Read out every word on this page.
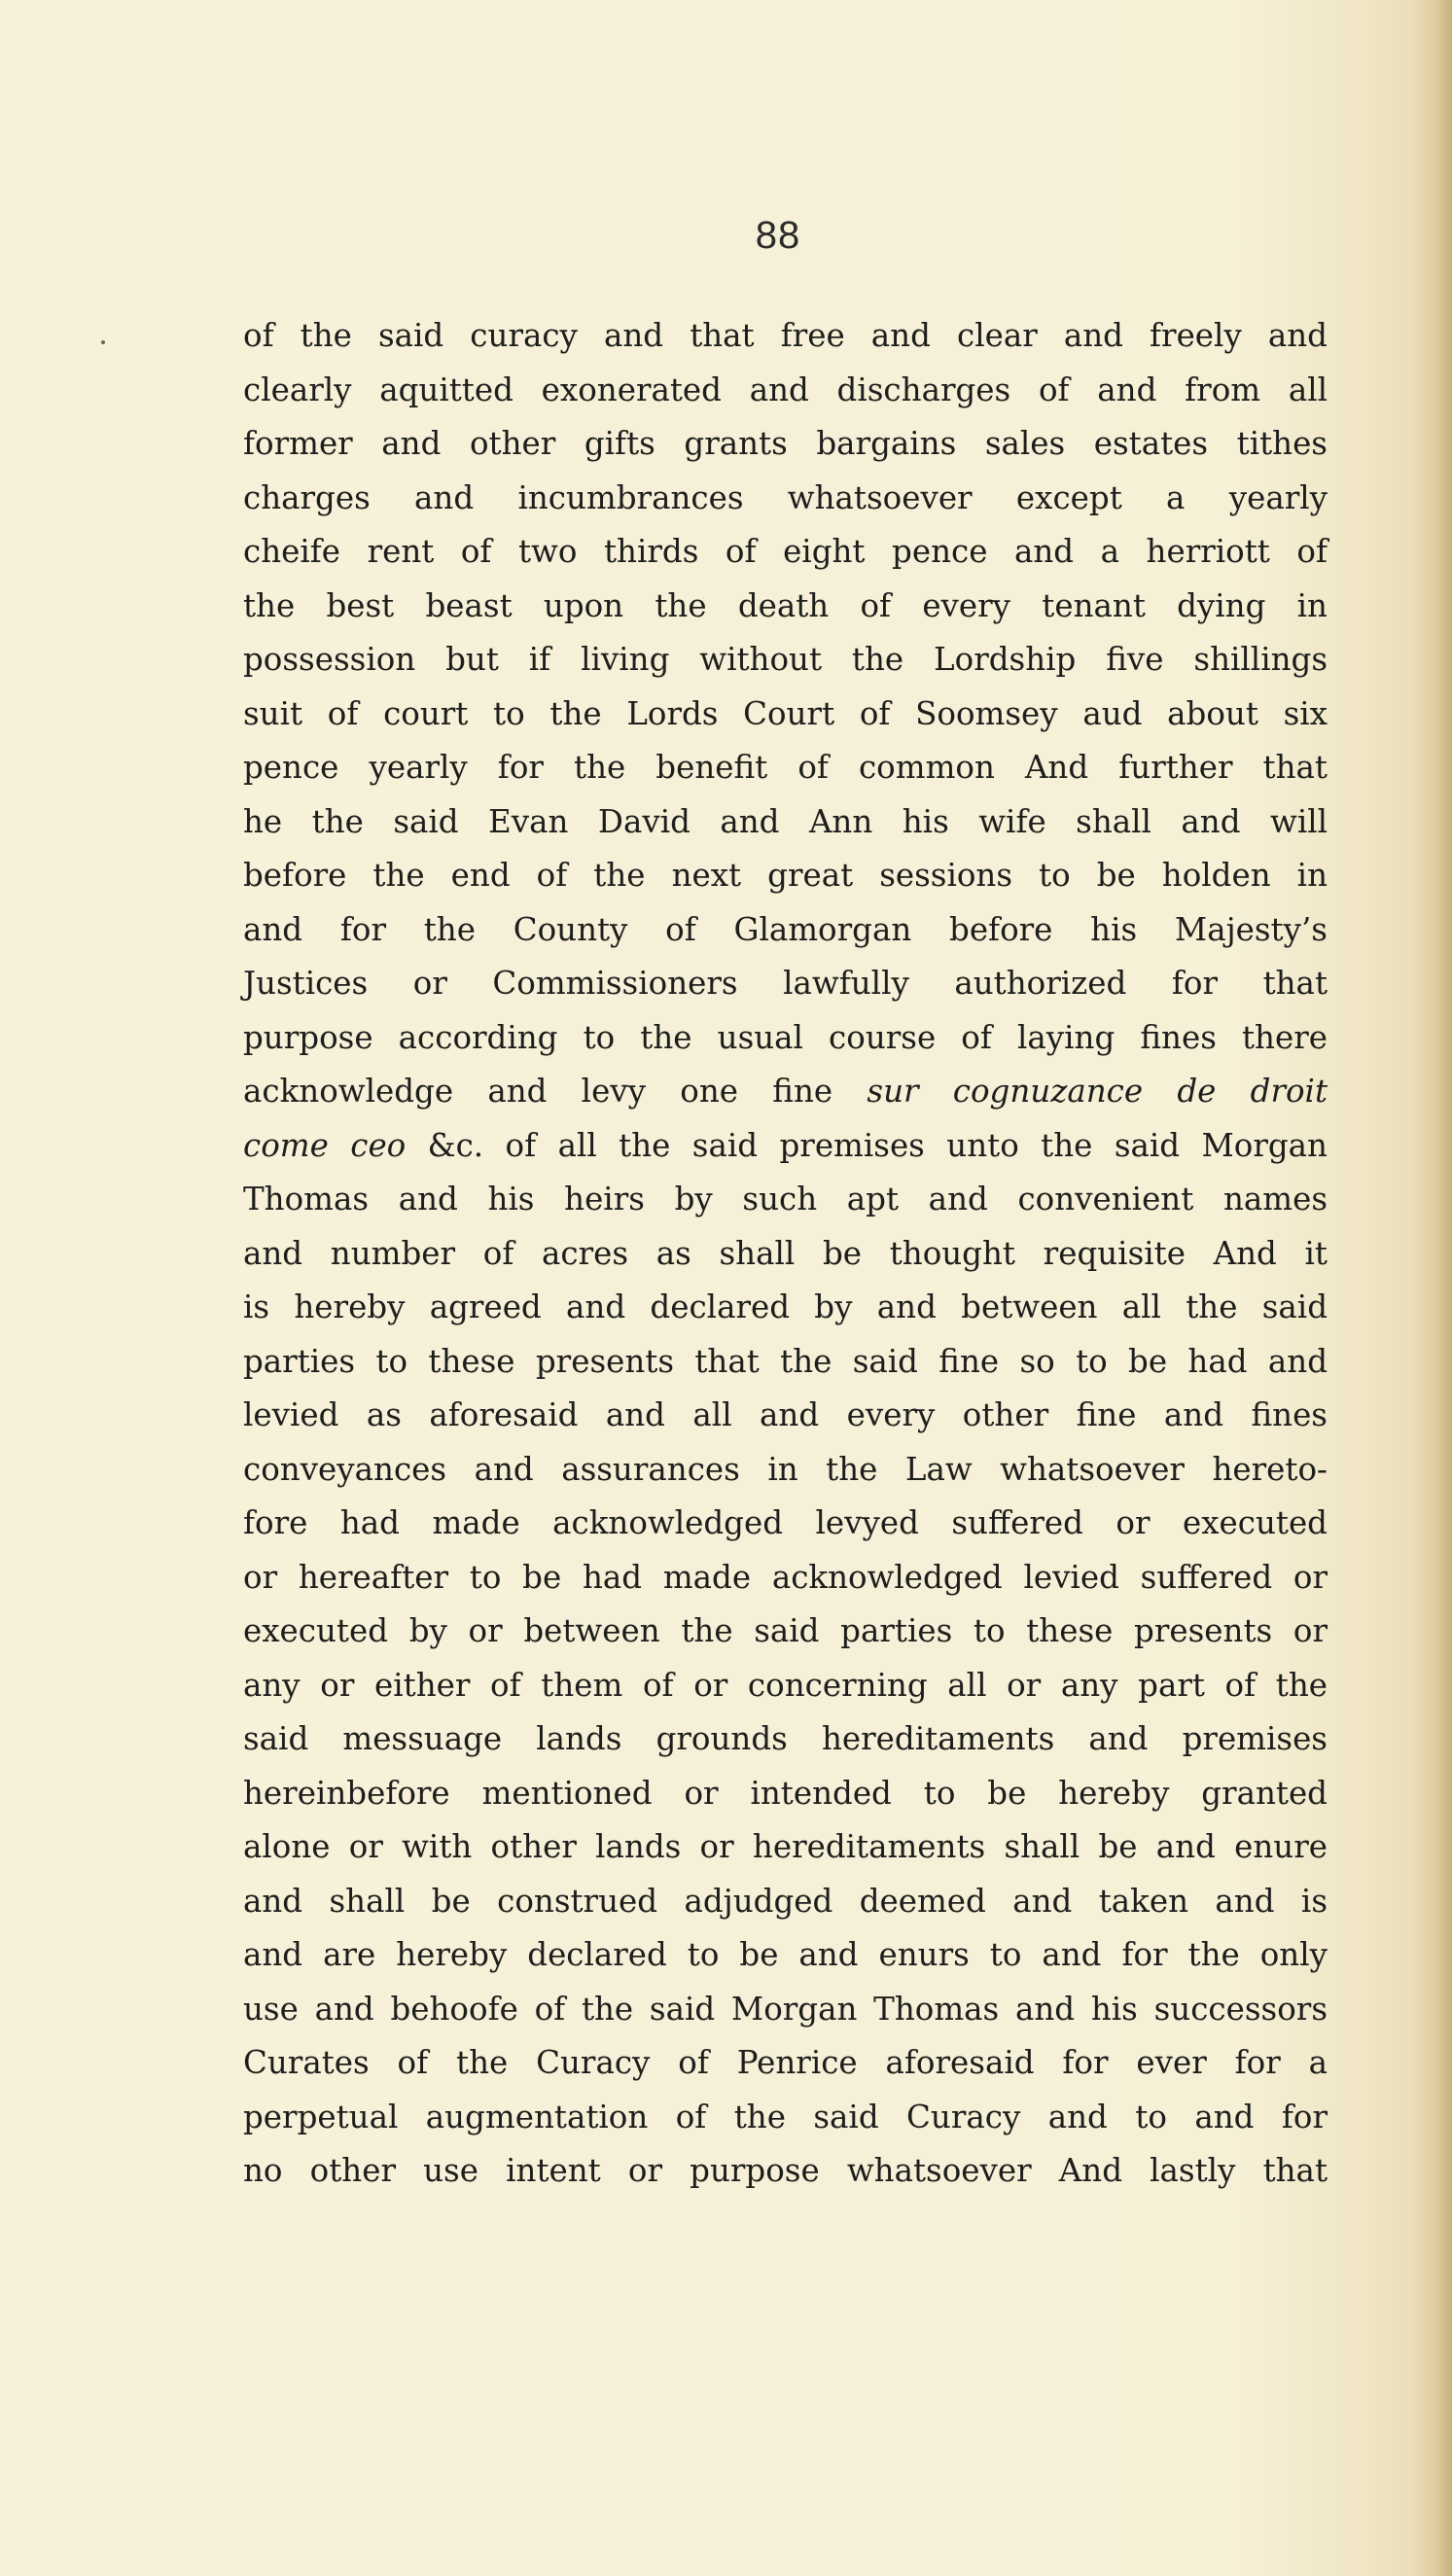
88
of the said curacy and that free and clear and freely and
clearly aquitted exonerated and discharges of and from all
former and other gifts grants bargains sales estates tithes
charges and incumbrances whatsoever except a yearly
cheife rent of two thirds of eight pence and a herriott of
the best beast upon the death of every tenant dying in
possession but if living without the Lordship five shillings
suit of court to the Lords Court of Soomsey aud about six
pence yearly for the benefit of common And further that
he the said Evan David and Ann his wife shall and will
before the end of the next great sessions to be holden in
and for the County of Glamorgan before his Majesty’s
Justices or Commissioners lawfully authorized for that
purpose according to the usual course of laying fines there
acknowledge and levy one fine sur cognuzance de droit
come ceo &c. of all the said premises unto the said Morgan
Thomas and his heirs by such apt and convenient names
and number of acres as shall be thought requisite And it
is hereby agreed and declared by and between all the said
parties to these presents that the said fine so to be had and
levied as aforesaid and all and every other fine and fines
conveyances and assurances in the Law whatsoever hereto-
fore had made acknowledged levyed suffered or executed
or hereafter to be had made acknowledged levied suffered or
executed by or between the said parties to these presents or
any or either of them of or concerning all or any part of the
said messuage lands grounds hereditaments and premises
hereinbefore mentioned or intended to be hereby granted
alone or with other lands or hereditaments shall be and enure
and shall be construed adjudged deemed and taken and is
and are hereby declared to be and enurs to and for the only
use and behoofe of the said Morgan Thomas and his successors
Curates of the Curacy of Penrice aforesaid for ever for a
perpetual augmentation of the said Curacy and to and for
no other use intent or purpose whatsoever And lastly that
